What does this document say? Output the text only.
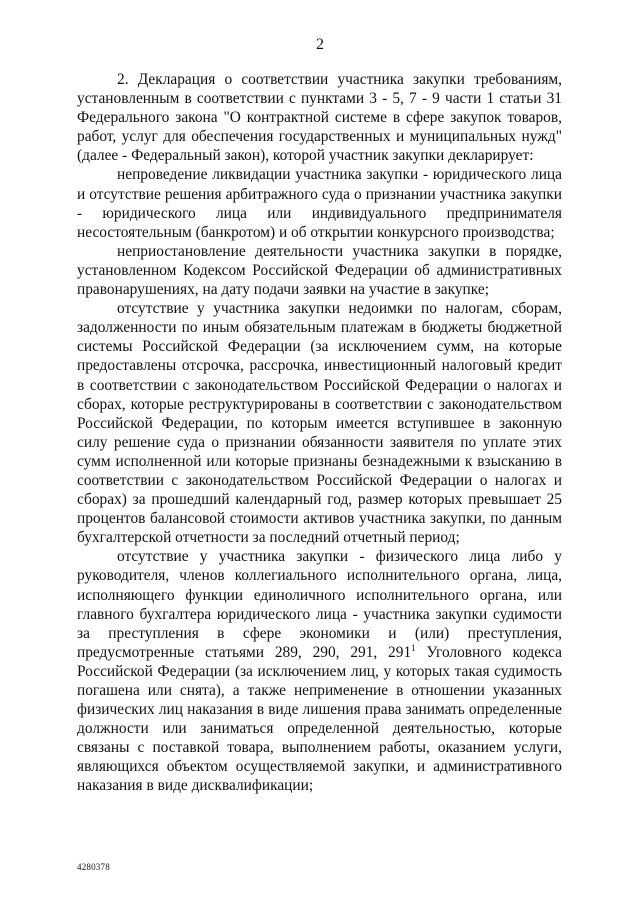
2

2. Декларация о соответствии участника закупки требованиям, установленным в соответствии с пунктами 3 - 5, 7 - 9 части 1 статьи 31 Федерального закона "О контрактной системе в сфере закупок товаров, работ, услуг для обеспечения государственных и муниципальных нужд" (далее - Федеральный закон), которой участник закупки декларирует:

непроведение ликвидации участника закупки - юридического лица и отсутствие решения арбитражного суда о признании участника закупки - юридического лица или индивидуального предпринимателя несостоятельным (банкротом) и об открытии конкурсного производства;

неприостановление деятельности участника закупки в порядке, установленном Кодексом Российской Федерации об административных правонарушениях, на дату подачи заявки на участие в закупке;

отсутствие у участника закупки недоимки по налогам, сборам, задолженности по иным обязательным платежам в бюджеты бюджетной системы Российской Федерации (за исключением сумм, на которые предоставлены отсрочка, рассрочка, инвестиционный налоговый кредит в соответствии с законодательством Российской Федерации о налогах и сборах, которые реструктурированы в соответствии с законодательством Российской Федерации, по которым имеется вступившее в законную силу решение суда о признании обязанности заявителя по уплате этих сумм исполненной или которые признаны безнадежными к взысканию в соответствии с законодательством Российской Федерации о налогах и сборах) за прошедший календарный год, размер которых превышает 25 процентов балансовой стоимости активов участника закупки, по данным бухгалтерской отчетности за последний отчетный период;

отсутствие у участника закупки - физического лица либо у руководителя, членов коллегиального исполнительного органа, лица, исполняющего функции единоличного исполнительного органа, или главного бухгалтера юридического лица - участника закупки судимости за преступления в сфере экономики и (или) преступления, предусмотренные статьями 289, 290, 291, $291^1$ Уголовного кодекса Российской Федерации (за исключением лиц, у которых такая судимость погашена или снята), а также неприменение в отношении указанных физических лиц наказания в виде лишения права занимать определенные должности или заниматься определенной деятельностью, которые связаны с поставкой товара, выполнением работы, оказанием услуги, являющихся объектом осуществляемой закупки, и административного наказания в виде дисквалификации;

4280378
